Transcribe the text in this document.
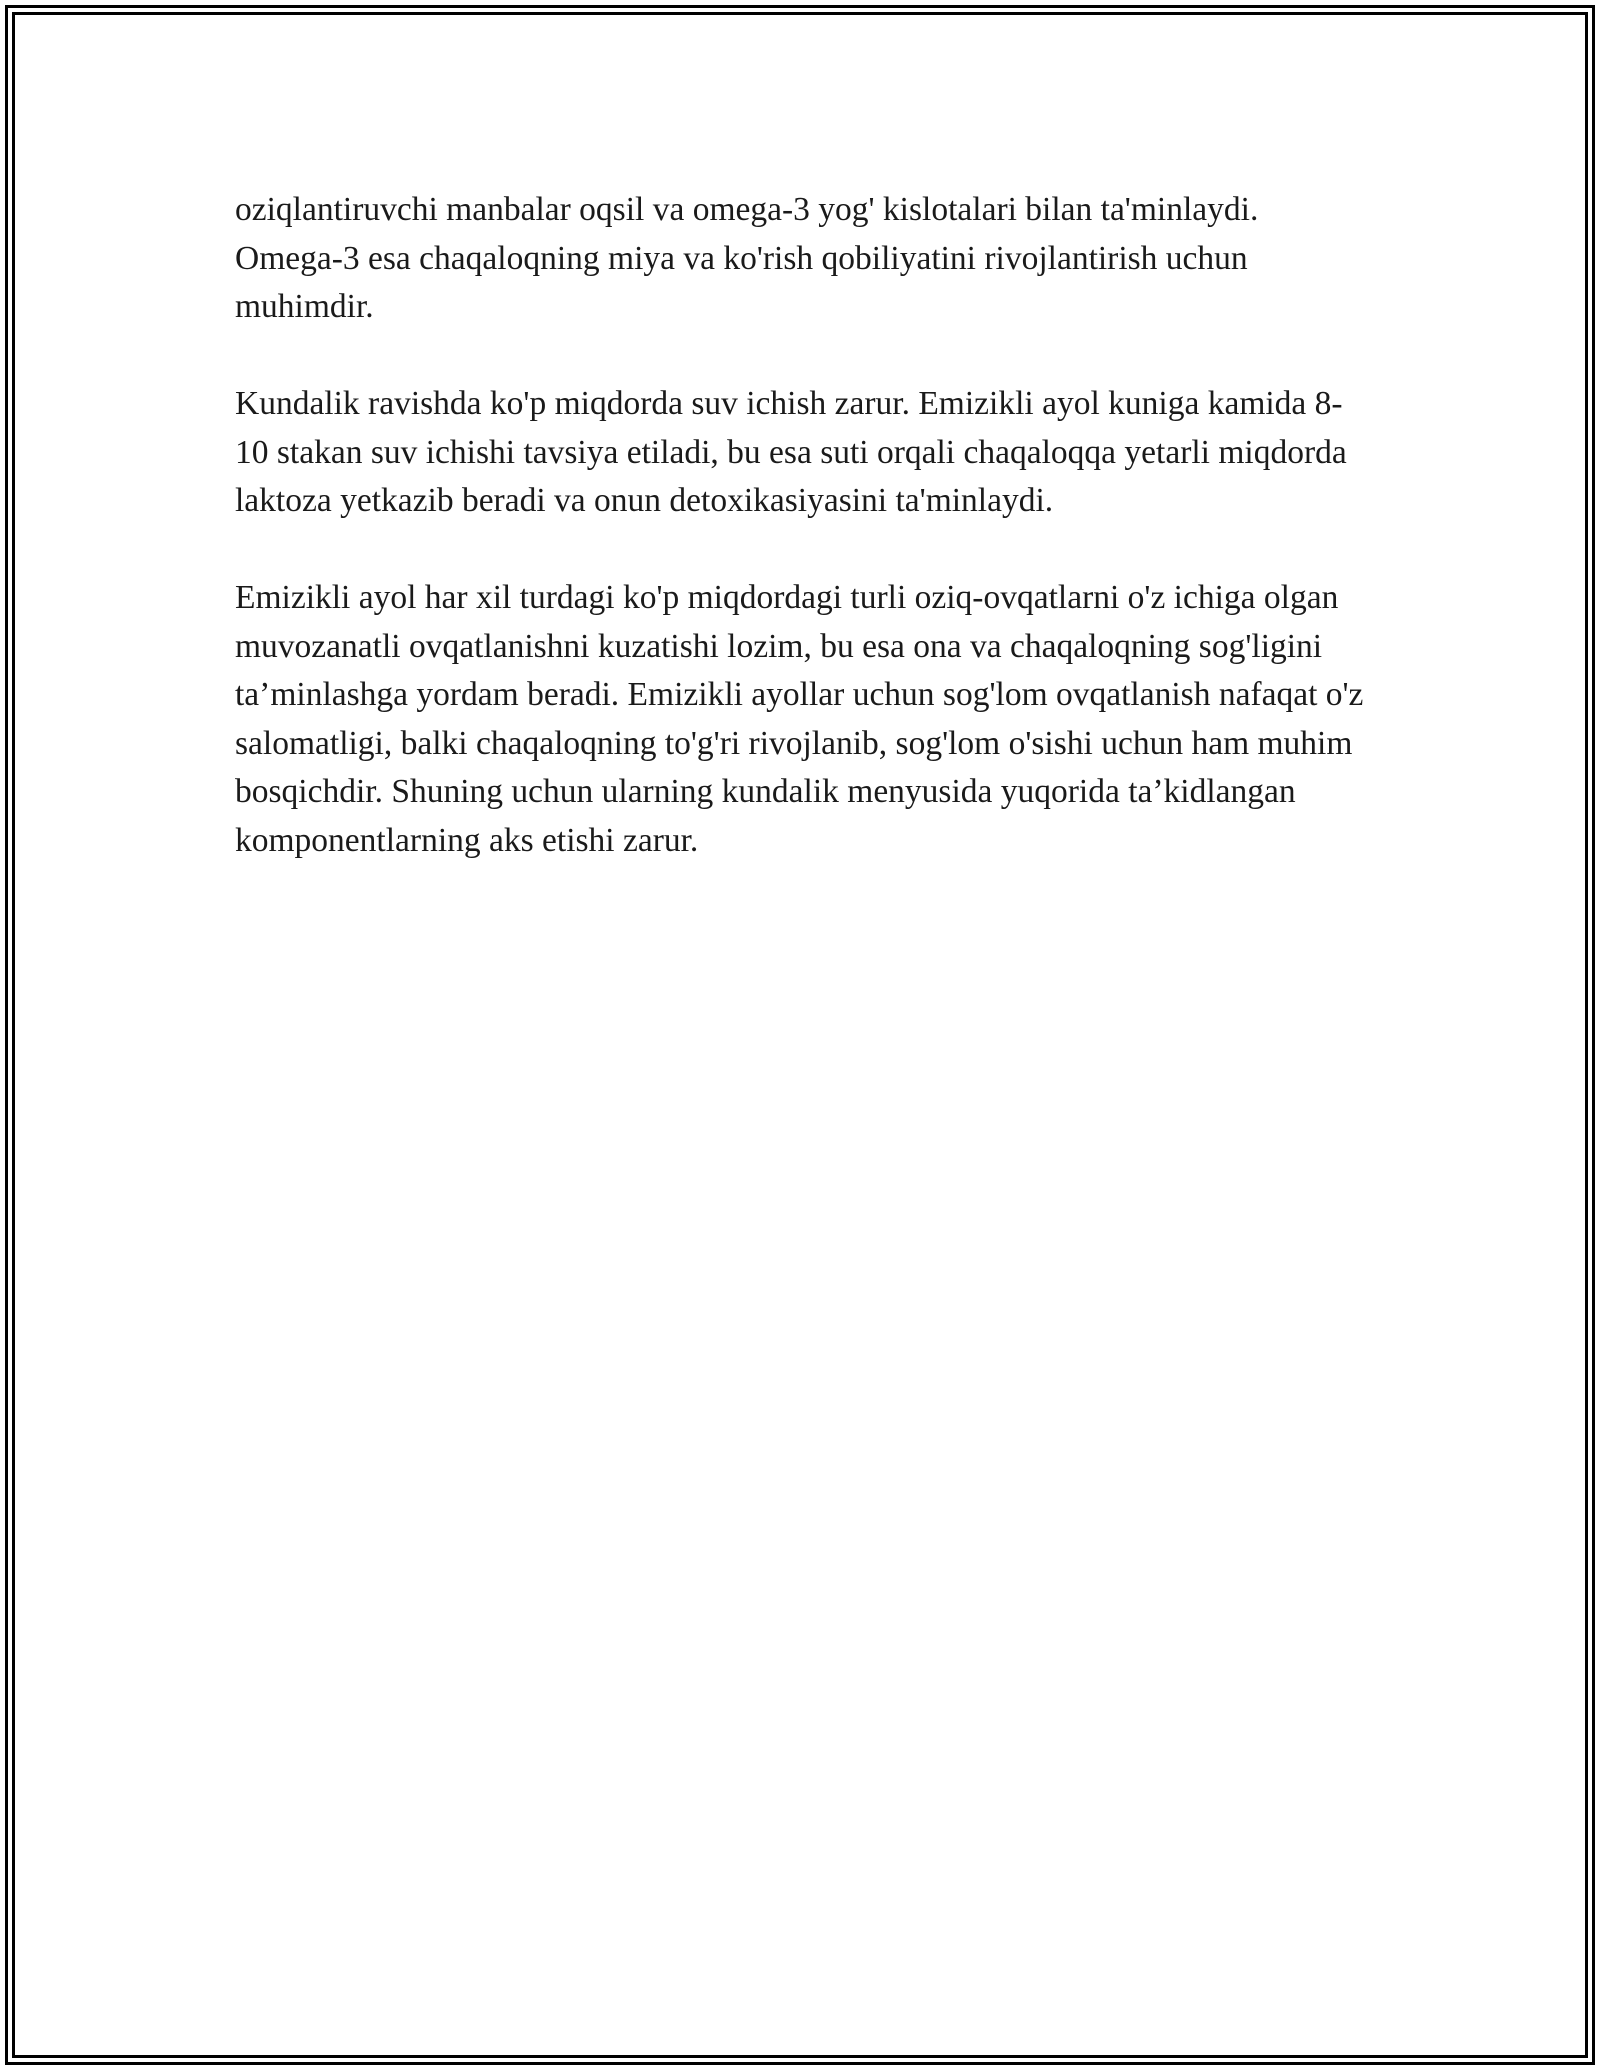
oziqlantiruvchi manbalar oqsil va omega-3 yog' kislotalari bilan ta'minlaydi. Omega-3 esa chaqaloqning miya va ko'rish qobiliyatini rivojlantirish uchun muhimdir.

Kundalik ravishda ko'p miqdorda suv ichish zarur. Emizikli ayol kuniga kamida 8-10 stakan suv ichishi tavsiya etiladi, bu esa suti orqali chaqaloqqa yetarli miqdorda laktoza yetkazib beradi va onun detoxikasiyasini ta'minlaydi.

Emizikli ayol har xil turdagi ko'p miqdordagi turli oziq-ovqatlarni o'z ichiga olgan muvozanatli ovqatlanishni kuzatishi lozim, bu esa ona va chaqaloqning sog'ligini ta’minlashga yordam beradi. Emizikli ayollar uchun sog'lom ovqatlanish nafaqat o'z salomatligi, balki chaqaloqning to'g'ri rivojlanib, sog'lom o'sishi uchun ham muhim bosqichdir. Shuning uchun ularning kundalik menyusida yuqorida ta’kidlangan komponentlarning aks etishi zarur.
